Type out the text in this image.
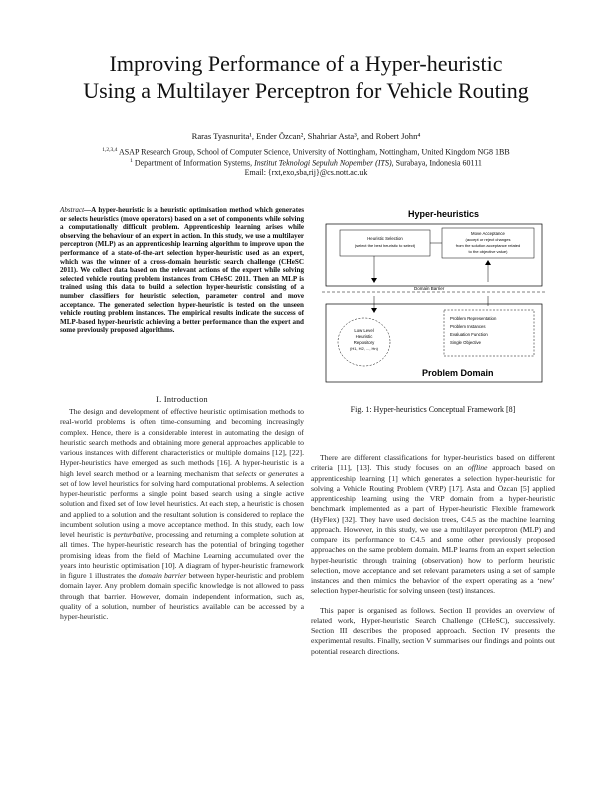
Improving Performance of a Hyper-heuristic
Using a Multilayer Perceptron for Vehicle Routing
Raras Tyasnurita¹, Ender Özcan², Shahriar Asta³, and Robert John⁴
$^{1,2,3,4}$ ASAP Research Group, School of Computer Science, University of Nottingham, Nottingham, United Kingdom NG8 1BB
$^1$ Department of Information Systems, Institut Teknologi Sepuluh Nopember (ITS), Surabaya, Indonesia 60111
Email: {rxt,exo,sba,rij}@cs.nott.ac.uk
Abstract—A hyper-heuristic is a heuristic optimisation method which generates or selects heuristics (move operators) based on a set of components while solving a computationally difficult problem. Apprenticeship learning arises while observing the behaviour of an expert in action. In this study, we use a multilayer perceptron (MLP) as an apprenticeship learning algorithm to improve upon the performance of a state-of-the-art selection hyper-heuristic used as an expert, which was the winner of a cross-domain heuristic search challenge (CHeSC 2011). We collect data based on the relevant actions of the expert while solving selected vehicle routing problem instances from CHeSC 2011. Then an MLP is trained using this data to build a selection hyper-heuristic consisting of a number classifiers for heuristic selection, parameter control and move acceptance. The generated selection hyper-heuristic is tested on the unseen vehicle routing problem instances. The empirical results indicate the success of MLP-based hyper-heuristic achieving a better performance than the expert and some previously proposed algorithms.
I. Introduction

The design and development of effective heuristic optimisation methods to real-world problems is often time-consuming and becoming increasingly complex. Hence, there is a considerable interest in automating the design of heuristic search methods and obtaining more general approaches applicable to various instances with different characteristics or multiple domains [12], [22]. Hyper-heuristics have emerged as such methods [16]. A hyper-heuristic is a high level search method or a learning mechanism that selects or generates a set of low level heuristics for solving hard computational problems. A selection hyper-heuristic performs a single point based search using a single active solution and fixed set of low level heuristics. At each step, a heuristic is chosen and applied to a solution and the resultant solution is considered to replace the incumbent solution using a move acceptance method. In this study, each low level heuristic is perturbative, processing and returning a complete solution at all times. The hyper-heuristic research has the potential of bringing together promising ideas from the field of Machine Learning accumulated over the years into heuristic optimisation [10]. A diagram of hyper-heuristic framework in figure 1 illustrates the domain barrier between hyper-heuristic and problem domain layer. Any problem domain specific knowledge is not allowed to pass through that barrier. However, domain independent information, such as, quality of a solution, number of heuristics available can be accessed by a hyper-heuristic.

Hyper-heuristics
Heuristic Selection
(select the best heuristic to select)
Move Acceptance
(accept or reject changes
from the solution acceptance related
to the objective value)
Domain Barrier
Low Level
Heuristic
Repository
(H1, H2, ..., Hn)
Problem Representation
Problem Instances
Evaluation Function
Single Objective
Problem Domain
Fig. 1: Hyper-heuristics Conceptual Framework [8]

There are different classifications for hyper-heuristics based on different criteria [11], [13]. This study focuses on an offline approach based on apprenticeship learning [1] which generates a selection hyper-heuristic for solving a Vehicle Routing Problem (VRP) [17]. Asta and Özcan [5] applied apprenticeship learning using the VRP domain from a hyper-heuristic benchmark implemented as a part of Hyper-heuristic Flexible framework (HyFlex) [32]. They have used decision trees, C4.5 as the machine learning approach. However, in this study, we use a multilayer perceptron (MLP) and compare its performance to C4.5 and some other previously proposed approaches on the same problem domain. MLP learns from an expert selection hyper-heuristic through training (observation) how to perform heuristic selection, move acceptance and set relevant parameters using a set of sample instances and then mimics the behavior of the expert operating as a ‘new’ selection hyper-heuristic for solving unseen (test) instances.

This paper is organised as follows. Section II provides an overview of related work, Hyper-heuristic Search Challenge (CHeSC), successively. Section III describes the proposed approach. Section IV presents the experimental results. Finally, section V summarises our findings and points out potential research directions.
